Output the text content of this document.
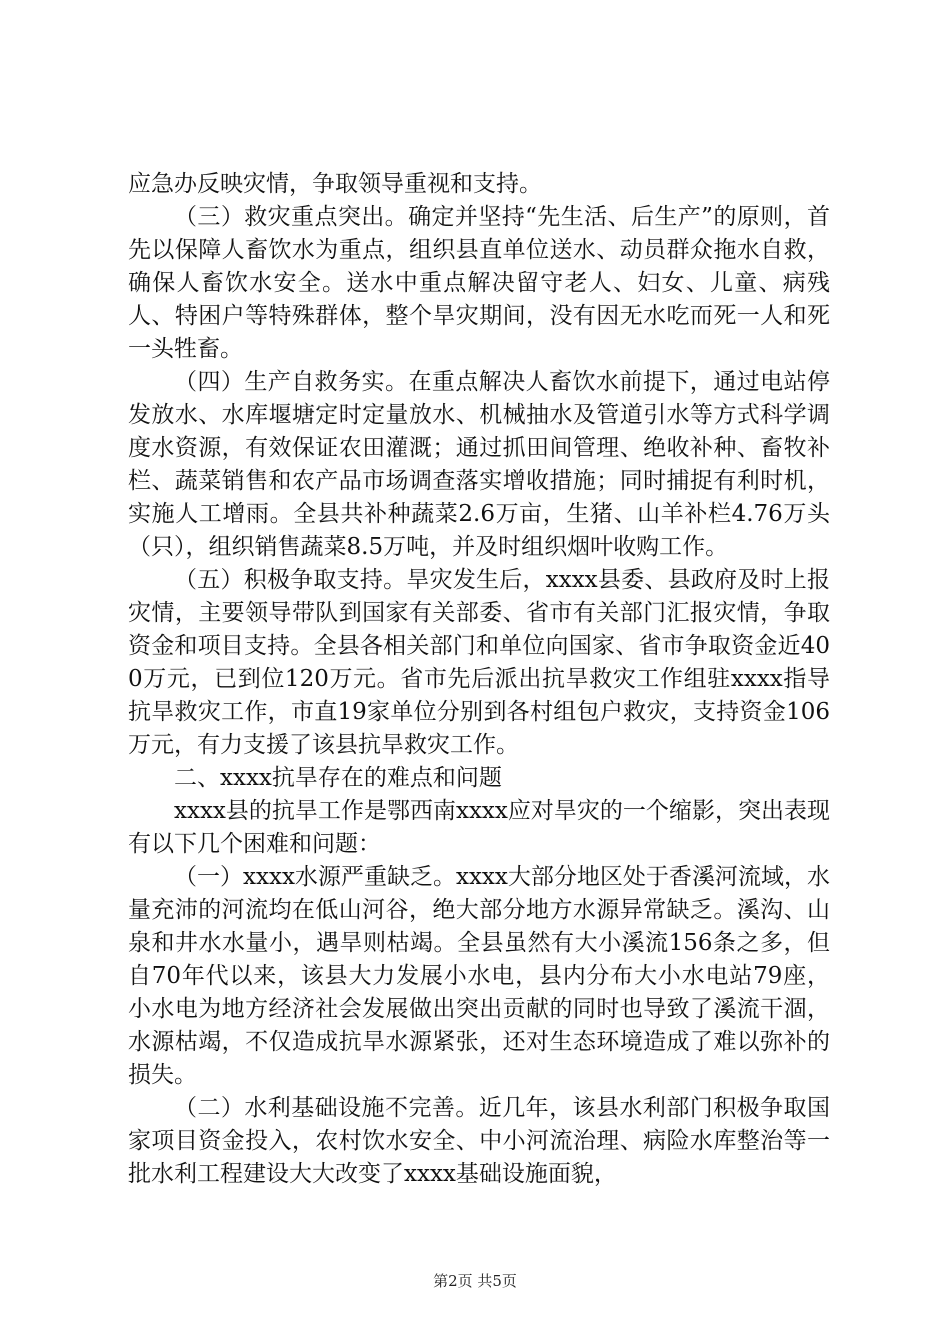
应急办反映灾情，争取领导重视和支持。

（三）救灾重点突出。确定并坚持“先生活、后生产”的原则，首先以保障人畜饮水为重点，组织县直单位送水、动员群众拖水自救，确保人畜饮水安全。送水中重点解决留守老人、妇女、儿童、病残人、特困户等特殊群体，整个旱灾期间，没有因无水吃而死一人和死一头牲畜。

（四）生产自救务实。在重点解决人畜饮水前提下，通过电站停发放水、水库堰塘定时定量放水、机械抽水及管道引水等方式科学调度水资源，有效保证农田灌溉；通过抓田间管理、绝收补种、畜牧补栏、蔬菜销售和农产品市场调查落实增收措施；同时捕捉有利时机，实施人工增雨。全县共补种蔬菜2.6万亩，生猪、山羊补栏4.76万头（只），组织销售蔬菜8.5万吨，并及时组织烟叶收购工作。

（五）积极争取支持。旱灾发生后，xxxx县委、县政府及时上报灾情，主要领导带队到国家有关部委、省市有关部门汇报灾情，争取资金和项目支持。全县各相关部门和单位向国家、省市争取资金近400万元，已到位120万元。省市先后派出抗旱救灾工作组驻xxxx指导抗旱救灾工作，市直19家单位分别到各村组包户救灾，支持资金106万元，有力支援了该县抗旱救灾工作。

二、xxxx抗旱存在的难点和问题

xxxx县的抗旱工作是鄂西南xxxx应对旱灾的一个缩影，突出表现有以下几个困难和问题：

（一）xxxx水源严重缺乏。xxxx大部分地区处于香溪河流域，水量充沛的河流均在低山河谷，绝大部分地方水源异常缺乏。溪沟、山泉和井水水量小，遇旱则枯竭。全县虽然有大小溪流156条之多，但自70年代以来，该县大力发展小水电，县内分布大小水电站79座，小水电为地方经济社会发展做出突出贡献的同时也导致了溪流干涸，水源枯竭，不仅造成抗旱水源紧张，还对生态环境造成了难以弥补的损失。

（二）水利基础设施不完善。近几年，该县水利部门积极争取国家项目资金投入，农村饮水安全、中小河流治理、病险水库整治等一批水利工程建设大大改变了xxxx基础设施面貌，

第2页 共5页
